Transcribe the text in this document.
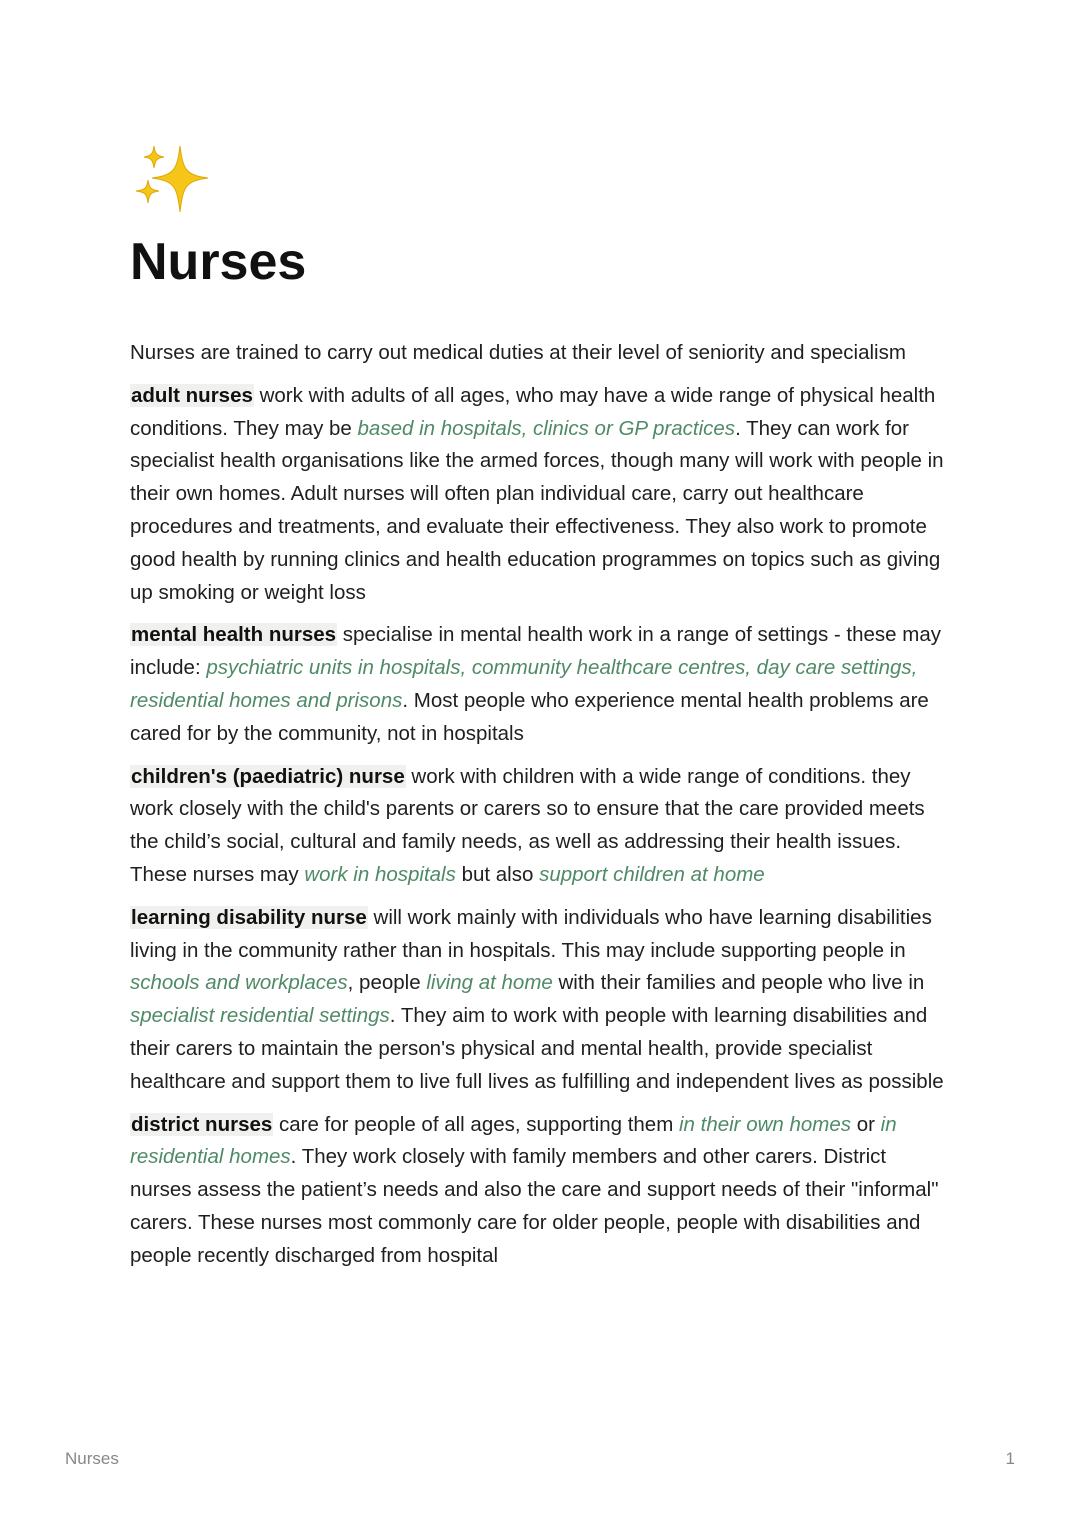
Nurses

Nurses are trained to carry out medical duties at their level of seniority and specialism

adult nurses work with adults of all ages, who may have a wide range of physical health conditions. They may be based in hospitals, clinics or GP practices. They can work for specialist health organisations like the armed forces, though many will work with people in their own homes. Adult nurses will often plan individual care, carry out healthcare procedures and treatments, and evaluate their effectiveness. They also work to promote good health by running clinics and health education programmes on topics such as giving up smoking or weight loss

mental health nurses specialise in mental health work in a range of settings - these may include: psychiatric units in hospitals, community healthcare centres, day care settings, residential homes and prisons. Most people who experience mental health problems are cared for by the community, not in hospitals

children's (paediatric) nurse work with children with a wide range of conditions. they work closely with the child's parents or carers so to ensure that the care provided meets the child’s social, cultural and family needs, as well as addressing their health issues. These nurses may work in hospitals but also support children at home

learning disability nurse will work mainly with individuals who have learning disabilities living in the community rather than in hospitals. This may include supporting people in schools and workplaces, people living at home with their families and people who live in specialist residential settings. They aim to work with people with learning disabilities and their carers to maintain the person's physical and mental health, provide specialist healthcare and support them to live full lives as fulfilling and independent lives as possible

district nurses care for people of all ages, supporting them in their own homes or in residential homes. They work closely with family members and other carers. District nurses assess the patient’s needs and also the care and support needs of their "informal" carers. These nurses most commonly care for older people, people with disabilities and people recently discharged from hospital

Nurses	1
